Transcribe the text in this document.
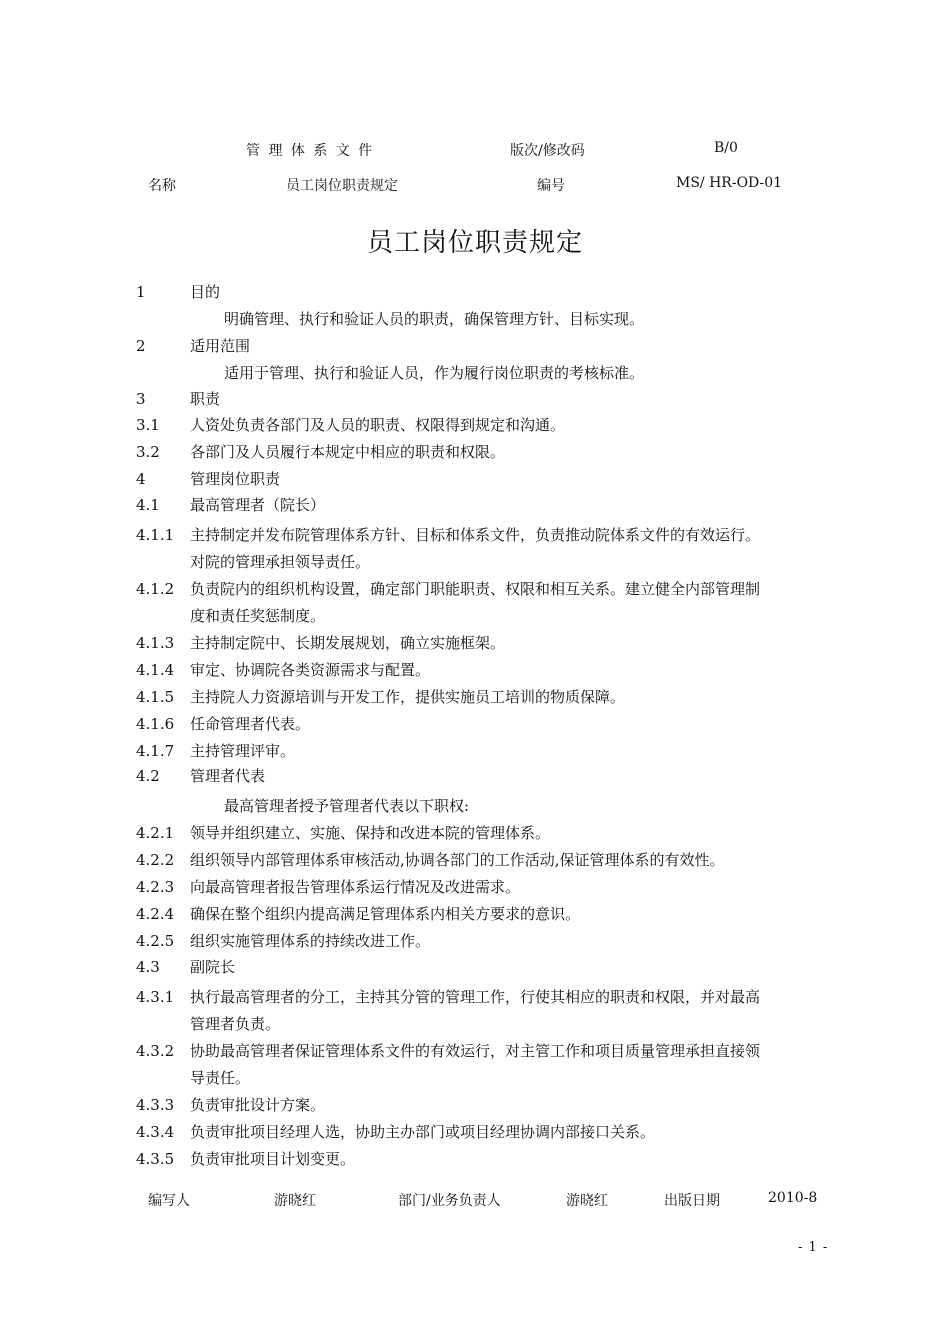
管 理 体 系 文 件	版次/修改码	B/0
名称	员工岗位职责规定	编号	MS/ HR-OD-01
员工岗位职责规定
1	目的
明确管理、执行和验证人员的职责，确保管理方针、目标实现。
2	适用范围
适用于管理、执行和验证人员，作为履行岗位职责的考核标准。
3	职责
3.1 人资处负责各部门及人员的职责、权限得到规定和沟通。
3.2 各部门及人员履行本规定中相应的职责和权限。
4	管理岗位职责
4.1 最高管理者（院长）
4.1.1 主持制定并发布院管理体系方针、目标和体系文件，负责推动院体系文件的有效运行。
对院的管理承担领导责任。
4.1.2 负责院内的组织机构设置，确定部门职能职责、权限和相互关系。建立健全内部管理制
度和责任奖惩制度。
4.1.3 主持制定院中、长期发展规划，确立实施框架。
4.1.4 审定、协调院各类资源需求与配置。
4.1.5 主持院人力资源培训与开发工作，提供实施员工培训的物质保障。
4.1.6 任命管理者代表。
4.1.7 主持管理评审。
4.2 管理者代表
最高管理者授予管理者代表以下职权:
4.2.1 领导并组织建立、实施、保持和改进本院的管理体系。
4.2.2 组织领导内部管理体系审核活动,协调各部门的工作活动,保证管理体系的有效性。
4.2.3 向最高管理者报告管理体系运行情况及改进需求。
4.2.4 确保在整个组织内提高满足管理体系内相关方要求的意识。
4.2.5 组织实施管理体系的持续改进工作。
4.3 副院长
4.3.1 执行最高管理者的分工，主持其分管的管理工作，行使其相应的职责和权限，并对最高
管理者负责。
4.3.2 协助最高管理者保证管理体系文件的有效运行，对主管工作和项目质量管理承担直接领
导责任。
4.3.3 负责审批设计方案。
4.3.4 负责审批项目经理人选，协助主办部门或项目经理协调内部接口关系。
4.3.5 负责审批项目计划变更。
编写人	游晓红	部门/业务负责人	游晓红	出版日期	2010-8
- 1 -
